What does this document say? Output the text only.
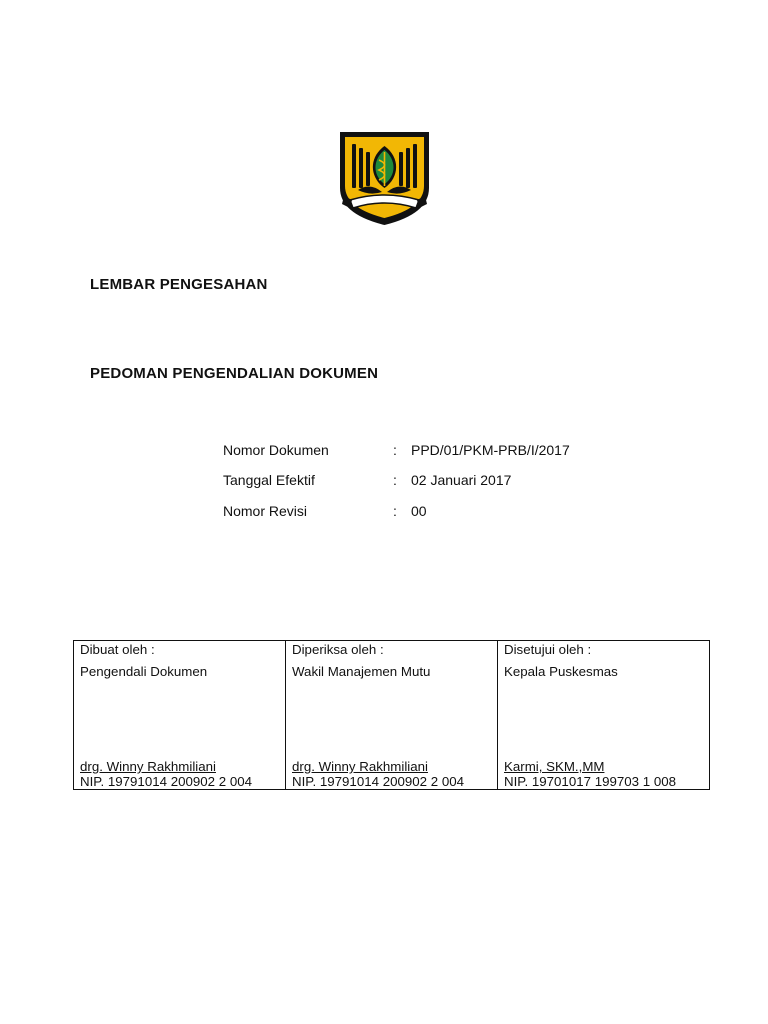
LEMBAR PENGESAHAN
PEDOMAN PENGENDALIAN DOKUMEN
Nomor Dokumen	: PPD/01/PKM-PRB/I/2017
Tanggal Efektif	: 02 Januari 2017
Nomor Revisi	: 00
Dibuat oleh :
Pengendali Dokumen
drg. Winny Rakhmiliani
NIP. 19791014 200902 2 004

Diperiksa oleh :
Wakil Manajemen Mutu
drg. Winny Rakhmiliani
NIP. 19791014 200902 2 004

Disetujui oleh :
Kepala Puskesmas
Karmi, SKM.,MM
NIP. 19701017 199703 1 008
